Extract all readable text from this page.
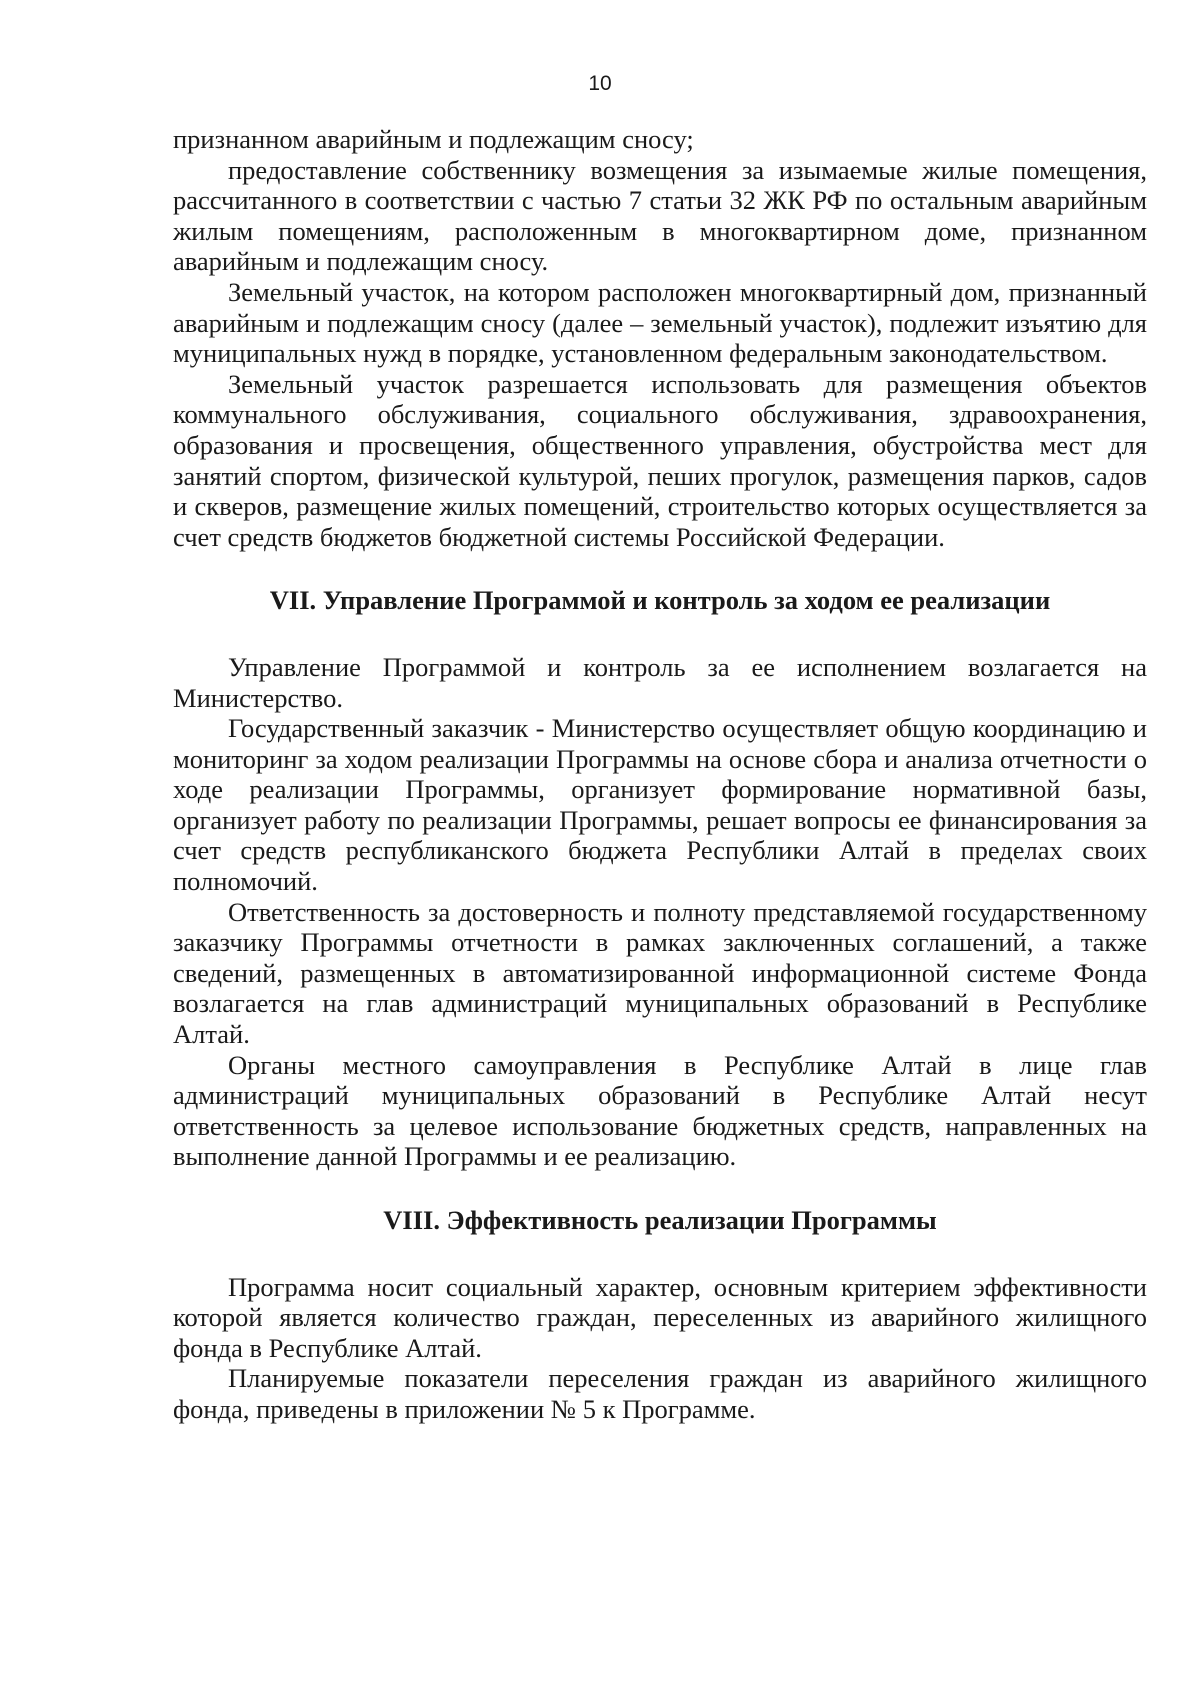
10

признанном аварийным и подлежащим сносу;

предоставление собственнику возмещения за изымаемые жилые помещения, рассчитанного в соответствии с частью 7 статьи 32 ЖК РФ по остальным аварийным жилым помещениям, расположенным в многоквартирном доме, признанном аварийным и подлежащим сносу.

Земельный участок, на котором расположен многоквартирный дом, признанный аварийным и подлежащим сносу (далее – земельный участок), подлежит изъятию для муниципальных нужд в порядке, установленном федеральным законодательством.

Земельный участок разрешается использовать для размещения объектов коммунального обслуживания, социального обслуживания, здравоохранения, образования и просвещения, общественного управления, обустройства мест для занятий спортом, физической культурой, пеших прогулок, размещения парков, садов и скверов, размещение жилых помещений, строительство которых осуществляется за счет средств бюджетов бюджетной системы Российской Федерации.

VII. Управление Программой и контроль за ходом ее реализации

Управление Программой и контроль за ее исполнением возлагается на Министерство.

Государственный заказчик - Министерство осуществляет общую координацию и мониторинг за ходом реализации Программы на основе сбора и анализа отчетности о ходе реализации Программы, организует формирование нормативной базы, организует работу по реализации Программы, решает вопросы ее финансирования за счет средств республиканского бюджета Республики Алтай в пределах своих полномочий.

Ответственность за достоверность и полноту представляемой государственному заказчику Программы отчетности в рамках заключенных соглашений, а также сведений, размещенных в автоматизированной информационной системе Фонда возлагается на глав администраций муниципальных образований в Республике Алтай.

Органы местного самоуправления в Республике Алтай в лице глав администраций муниципальных образований в Республике Алтай несут ответственность за целевое использование бюджетных средств, направленных на выполнение данной Программы и ее реализацию.

VIII. Эффективность реализации Программы

Программа носит социальный характер, основным критерием эффективности которой является количество граждан, переселенных из аварийного жилищного фонда в Республике Алтай.

Планируемые показатели переселения граждан из аварийного жилищного фонда, приведены в приложении № 5 к Программе.
